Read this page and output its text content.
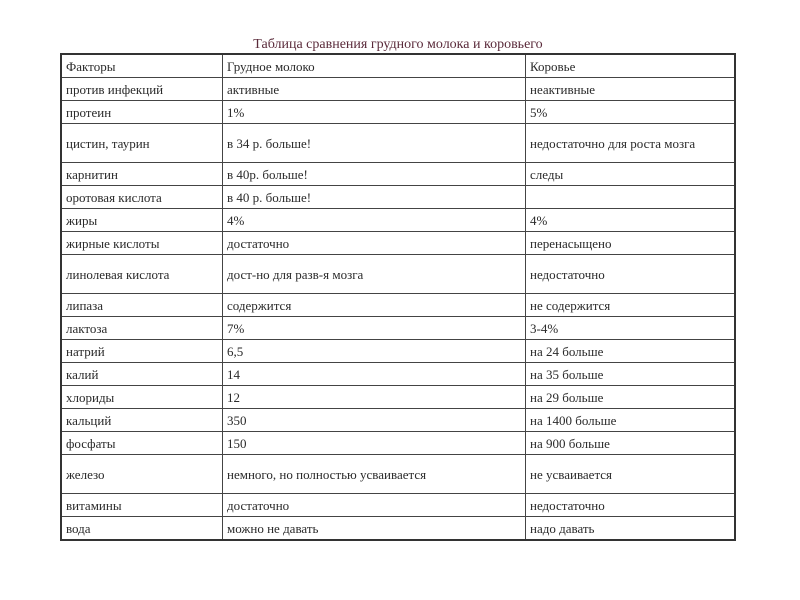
Таблица сравнения грудного молока и коровьего
Факторы	Грудное молоко	Коровье
против инфекций	активные	неактивные
протеин	1%	5%
цистин, таурин	в 34 р. больше!	недостаточно для роста мозга
карнитин	в 40р. больше!	следы
оротовая кислота	в 40 р. больше!	
жиры	4%	4%
жирные кислоты	достаточно	перенасыщено
линолевая кислота	дост-но для разв-я мозга	недостаточно
липаза	содержится	не содержится
лактоза	7%	3-4%
натрий	6,5	на 24 больше
калий	14	на 35 больше
хлориды	12	на 29 больше
кальций	350	на 1400 больше
фосфаты	150	на 900 больше
железо	немного, но полностью усваивается	не усваивается
витамины	достаточно	недостаточно
вода	можно не давать	надо давать
